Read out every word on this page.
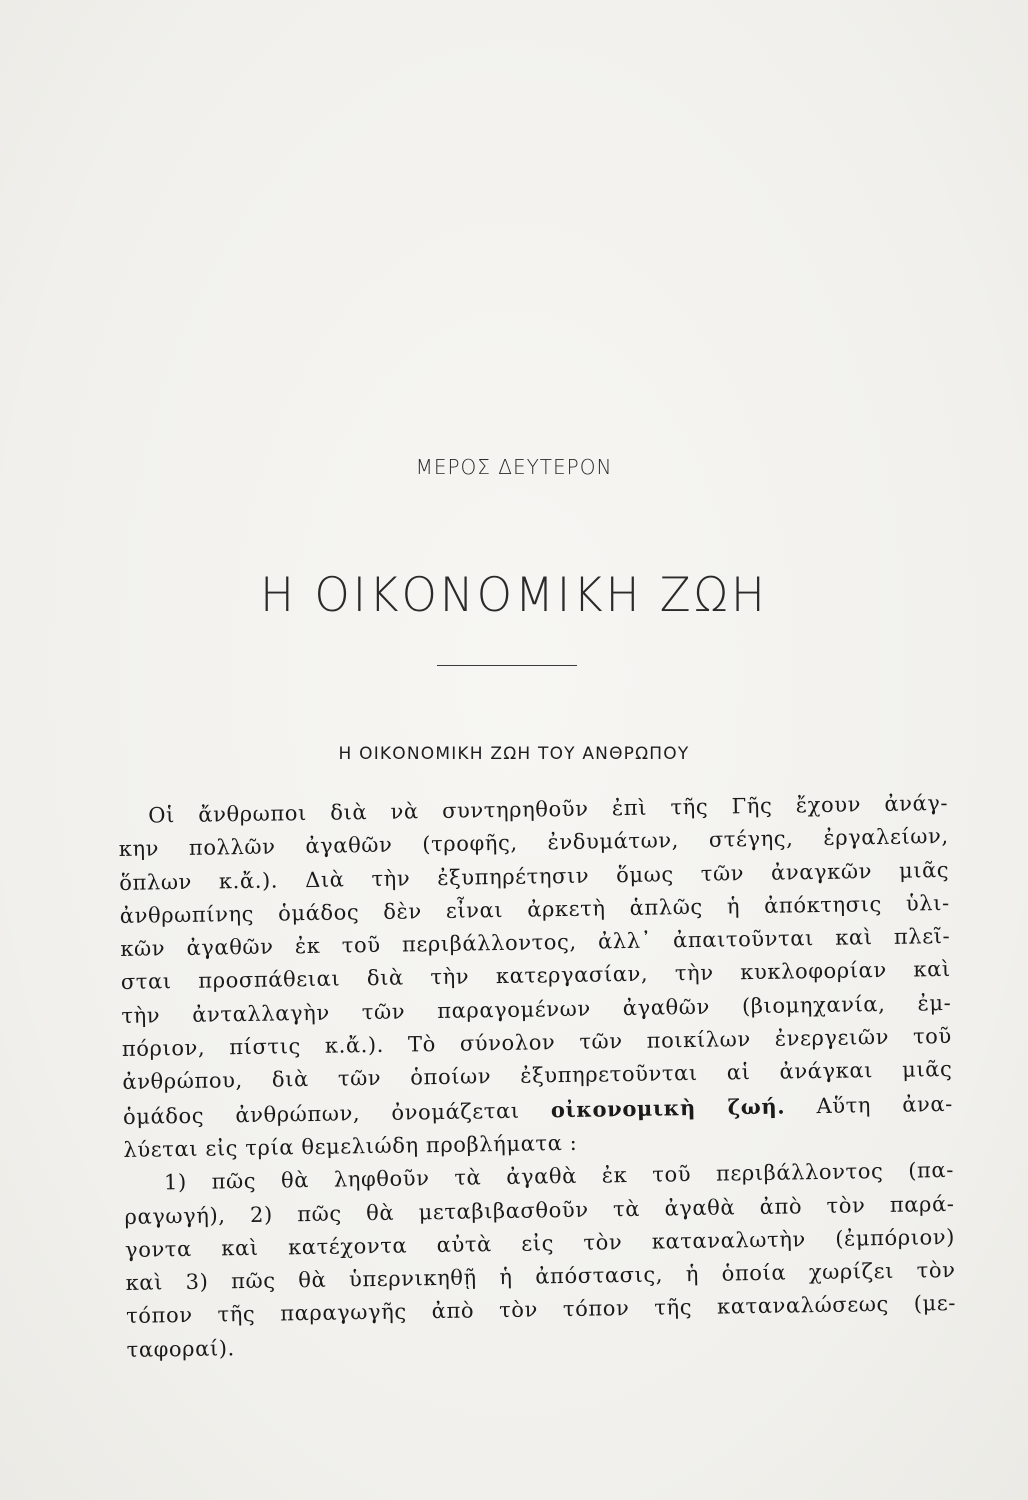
ΜΕΡΟΣ ΔΕΥΤΕΡΟΝ
Η ΟΙΚΟΝΟΜΙΚΗ ΖΩΗ
Η ΟΙΚΟΝΟΜΙΚΗ ΖΩΗ ΤΟΥ ΑΝΘΡΩΠΟΥ
Οἱ ἄνθρωποι διὰ νὰ συντηρηθοῦν ἐπὶ τῆς Γῆς ἔχουν ἀνάγ-
κην πολλῶν ἀγαθῶν (τροφῆς, ἐνδυμάτων, στέγης, ἐργαλείων,
ὅπλων κ.ἄ.). Διὰ τὴν ἐξυπηρέτησιν ὅμως τῶν ἀναγκῶν μιᾶς
ἀνθρωπίνης ὁμάδος δὲν εἶναι ἀρκετὴ ἁπλῶς ἡ ἀπόκτησις ὑλι-
κῶν ἀγαθῶν ἐκ τοῦ περιβάλλοντος, ἀλλ᾽ ἀπαιτοῦνται καὶ πλεῖ-
σται προσπάθειαι διὰ τὴν κατεργασίαν, τὴν κυκλοφορίαν καὶ
τὴν ἀνταλλαγὴν τῶν παραγομένων ἀγαθῶν (βιομηχανία, ἐμ-
πόριον, πίστις κ.ἄ.). Τὸ σύνολον τῶν ποικίλων ἐνεργειῶν τοῦ
ἀνθρώπου, διὰ τῶν ὁποίων ἐξυπηρετοῦνται αἱ ἀνάγκαι μιᾶς
ὁμάδος ἀνθρώπων, ὀνομάζεται οἰκονομικὴ ζωή. Αὕτη ἀνα-
λύεται εἰς τρία θεμελιώδη προβλήματα :
1) πῶς θὰ ληφθοῦν τὰ ἀγαθὰ ἐκ τοῦ περιβάλλοντος (πα-
ραγωγή), 2) πῶς θὰ μεταβιβασθοῦν τὰ ἀγαθὰ ἀπὸ τὸν παρά-
γοντα καὶ κατέχοντα αὐτὰ εἰς τὸν καταναλωτὴν (ἐμπόριον)
καὶ 3) πῶς θὰ ὑπερνικηθῇ ἡ ἀπόστασις, ἡ ὁποία χωρίζει τὸν
τόπον τῆς παραγωγῆς ἀπὸ τὸν τόπον τῆς καταναλώσεως (με-
ταφοραί).
